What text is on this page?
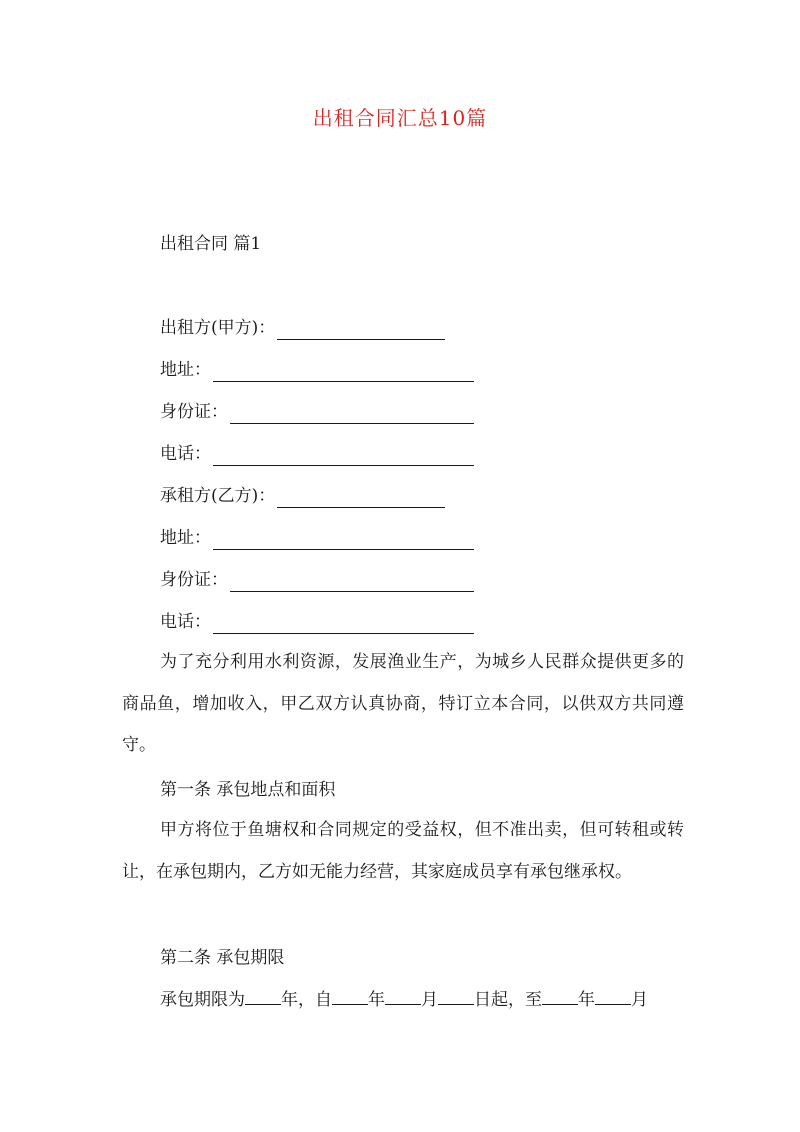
出租合同汇总10篇
出租合同 篇1
出租方(甲方)：
地址：
身份证：
电话：
承租方(乙方)：
地址：
身份证：
电话：
为了充分利用水利资源，发展渔业生产，为城乡人民群众提供更多的商品鱼，增加收入，甲乙双方认真协商，特订立本合同，以供双方共同遵守。
第一条 承包地点和面积
甲方将位于鱼塘权和合同规定的受益权，但不准出卖，但可转租或转让，在承包期内，乙方如无能力经营，其家庭成员享有承包继承权。
第二条 承包期限
承包期限为 年，自 年 月 日起，至 年 月
